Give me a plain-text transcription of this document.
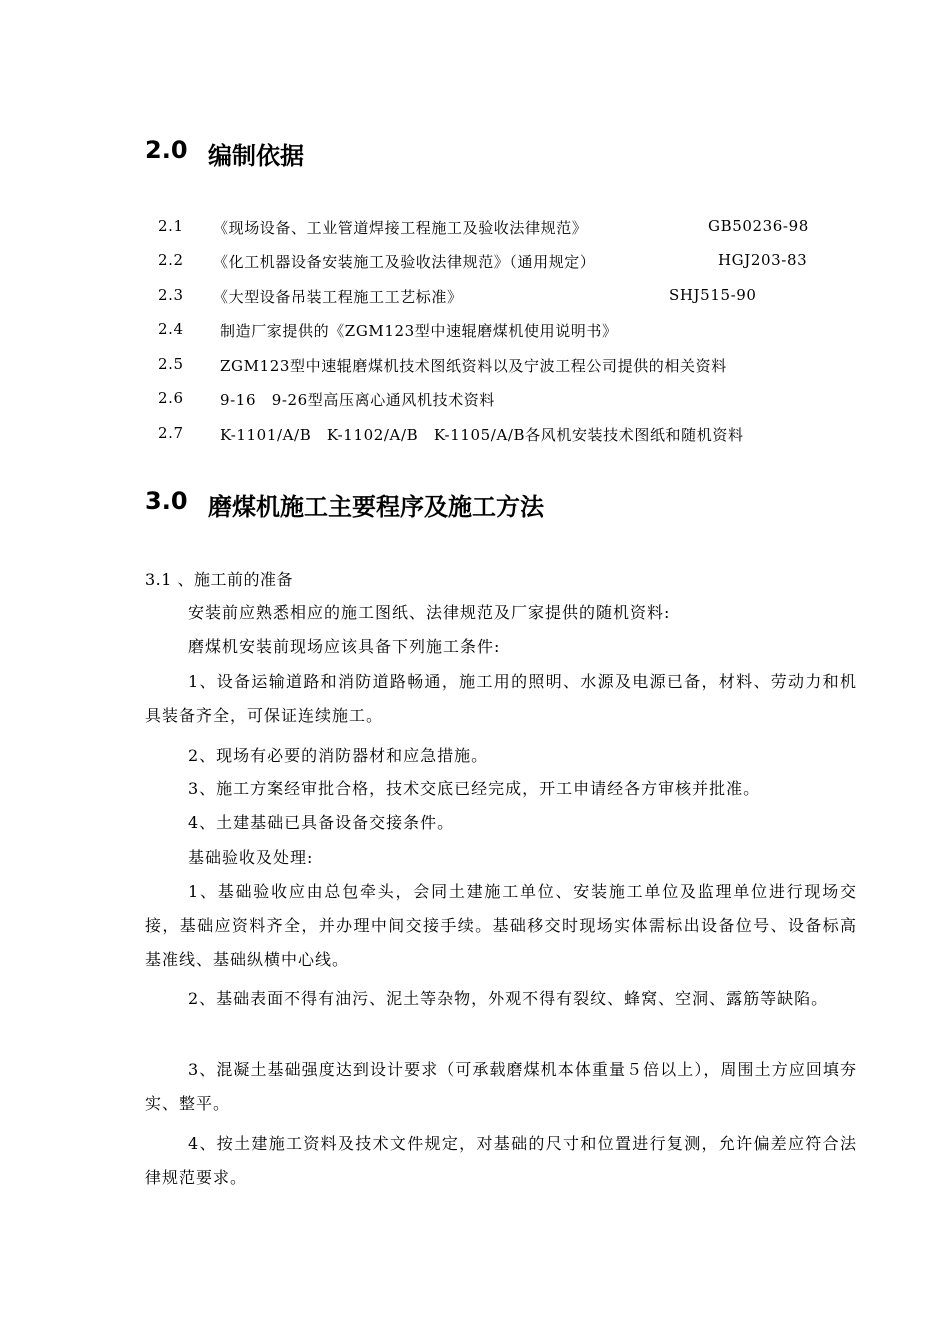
2.0 编制依据
2.1 《现场设备、工业管道焊接工程施工及验收法律规范》	GB50236-98
2.2 《化工机器设备安装施工及验收法律规范》（通用规定）	HGJ203-83
2.3 《大型设备吊装工程施工工艺标准》	SHJ515-90
2.4 制造厂家提供的《ZGM123型中速辊磨煤机使用说明书》
2.5 ZGM123型中速辊磨煤机技术图纸资料以及宁波工程公司提供的相关资料
2.6 9-16　9-26型高压离心通风机技术资料
2.7 K-1101/A/B　K-1102/A/B　K-1105/A/B各风机安装技术图纸和随机资料
3.0 磨煤机施工主要程序及施工方法
3.1 、施工前的准备
安装前应熟悉相应的施工图纸、法律规范及厂家提供的随机资料:
磨煤机安装前现场应该具备下列施工条件:
1、设备运输道路和消防道路畅通，施工用的照明、水源及电源已备，材料、劳动力和机具装备齐全，可保证连续施工。
2、现场有必要的消防器材和应急措施。
3、施工方案经审批合格，技术交底已经完成，开工申请经各方审核并批准。
4、土建基础已具备设备交接条件。
基础验收及处理:
1、基础验收应由总包牵头，会同土建施工单位、安装施工单位及监理单位进行现场交接，基础应资料齐全，并办理中间交接手续。基础移交时现场实体需标出设备位号、设备标高基准线、基础纵横中心线。
2、基础表面不得有油污、泥土等杂物，外观不得有裂纹、蜂窝、空洞、露筋等缺陷。
3、混凝土基础强度达到设计要求（可承载磨煤机本体重量５倍以上），周围土方应回填夯实、整平。
4、按土建施工资料及技术文件规定，对基础的尺寸和位置进行复测，允许偏差应符合法律规范要求。
